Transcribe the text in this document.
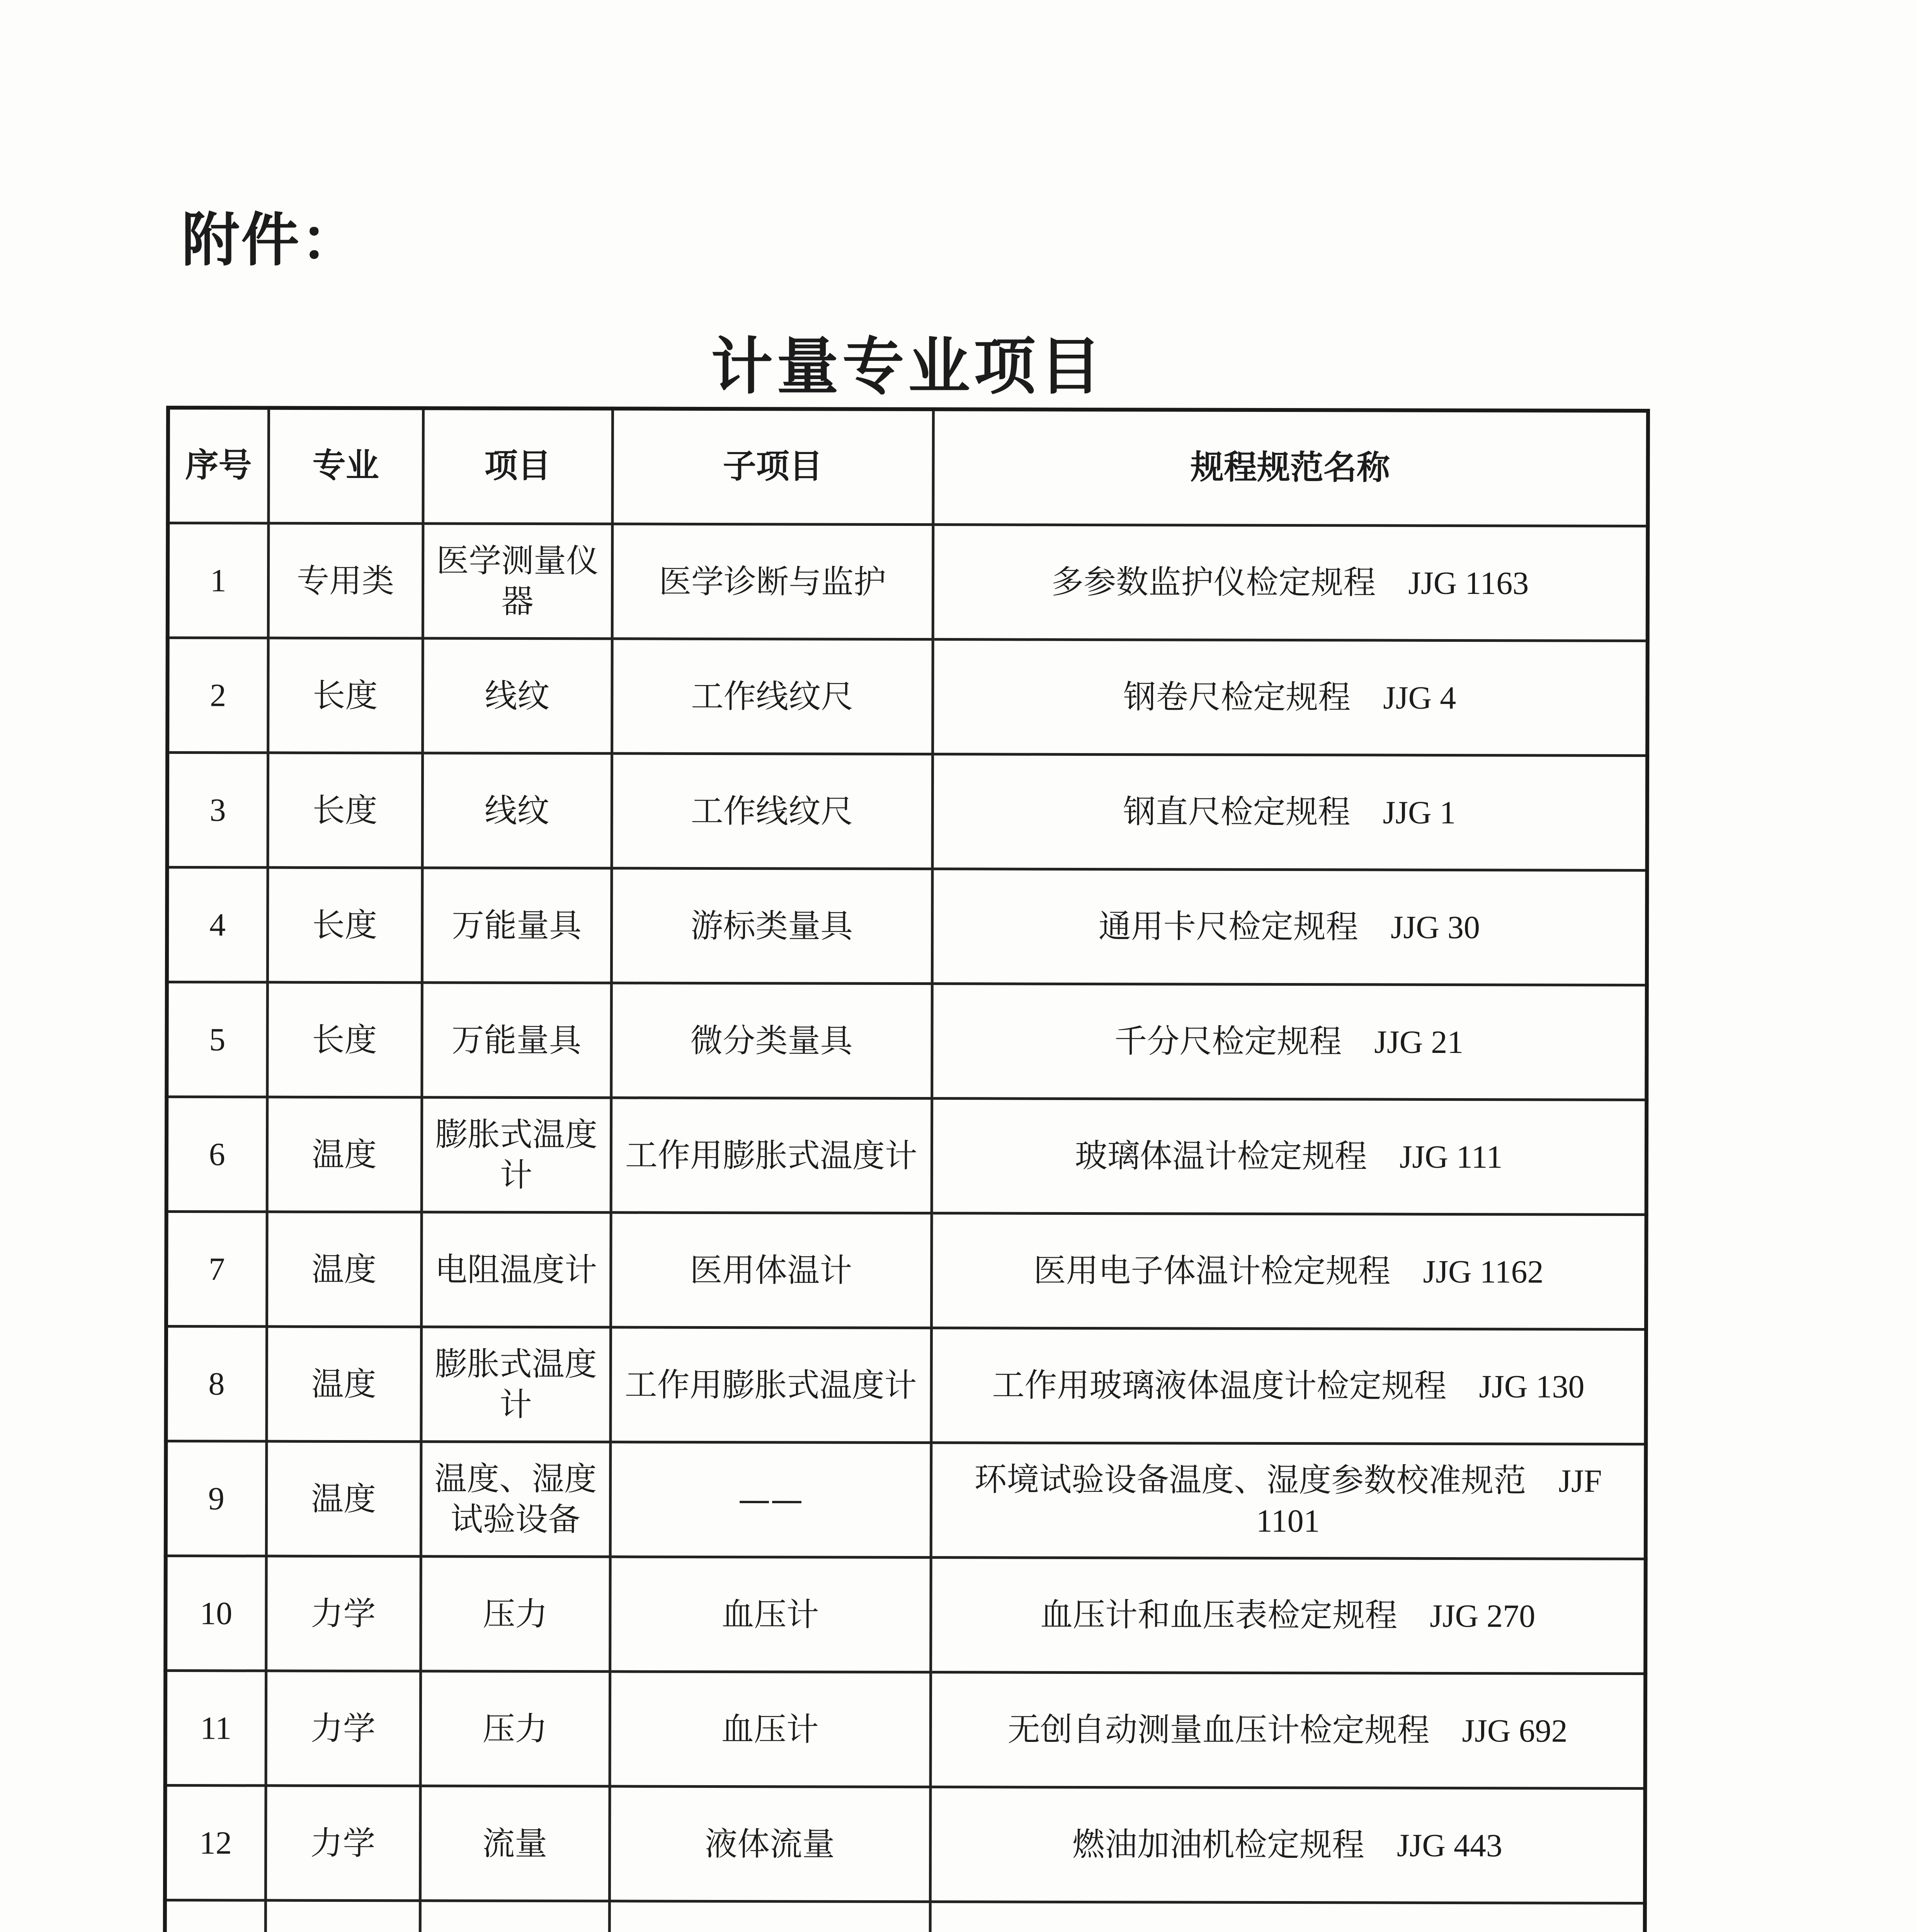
附件：
计量专业项目
序号	专业	项目	子项目	规程规范名称
1	专用类	医学测量仪器	医学诊断与监护	多参数监护仪检定规程　JJG 1163
2	长度	线纹	工作线纹尺	钢卷尺检定规程　JJG 4
3	长度	线纹	工作线纹尺	钢直尺检定规程　JJG 1
4	长度	万能量具	游标类量具	通用卡尺检定规程　JJG 30
5	长度	万能量具	微分类量具	千分尺检定规程　JJG 21
6	温度	膨胀式温度计	工作用膨胀式温度计	玻璃体温计检定规程　JJG 111
7	温度	电阻温度计	医用体温计	医用电子体温计检定规程　JJG 1162
8	温度	膨胀式温度计	工作用膨胀式温度计	工作用玻璃液体温度计检定规程　JJG 130
9	温度	温度、湿度试验设备	——	环境试验设备温度、湿度参数校准规范　JJF 1101
10	力学	压力	血压计	血压计和血压表检定规程　JJG 270
11	力学	压力	血压计	无创自动测量血压计检定规程　JJG 692
12	力学	流量	液体流量	燃油加油机检定规程　JJG 443
